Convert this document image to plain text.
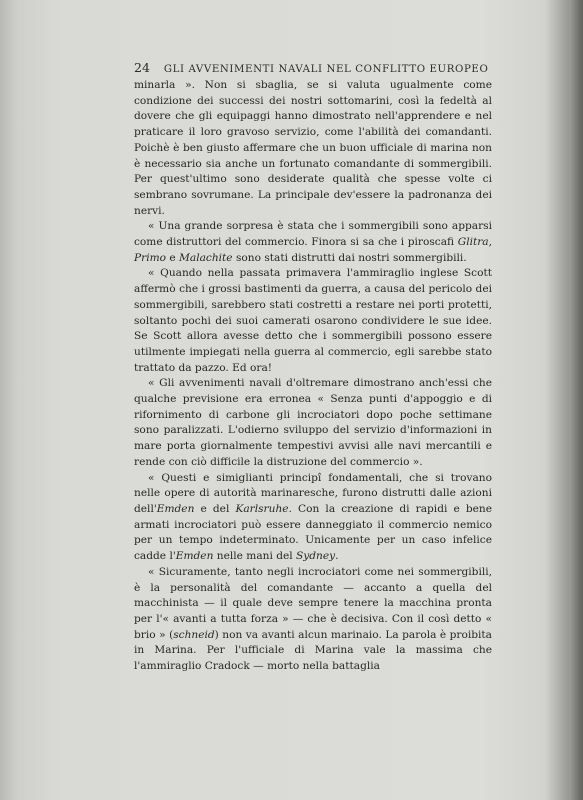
24 GLI AVVENIMENTI NAVALI NEL CONFLITTO EUROPEO

minarla ». Non si sbaglia, se si valuta ugualmente come condizione dei successi dei nostri sottomarini, così la fedeltà al dovere che gli equipaggi hanno dimostrato nell'apprendere e nel praticare il loro gravoso servizio, come l'abilità dei comandanti. Poichè è ben giusto affermare che un buon ufficiale di marina non è necessario sia anche un fortunato comandante di sommergibili. Per quest'ultimo sono desiderate qualità che spesse volte ci sembrano sovrumane. La principale dev'essere la padronanza dei nervi.

« Una grande sorpresa è stata che i sommergibili sono apparsi come distruttori del commercio. Finora si sa che i piroscafi Glitra, Primo e Malachite sono stati distrutti dai nostri sommergibili.

« Quando nella passata primavera l'ammiraglio inglese Scott affermò che i grossi bastimenti da guerra, a causa del pericolo dei sommergibili, sarebbero stati costretti a restare nei porti protetti, soltanto pochi dei suoi camerati osarono condividere le sue idee. Se Scott allora avesse detto che i sommergibili possono essere utilmente impiegati nella guerra al commercio, egli sarebbe stato trattato da pazzo. Ed ora!

« Gli avvenimenti navali d'oltremare dimostrano anch'essi che qualche previsione era erronea « Senza punti d'appoggio e di rifornimento di carbone gli incrociatori dopo poche settimane sono paralizzati. L'odierno sviluppo del servizio d'informazioni in mare porta giornalmente tempestivi avvisi alle navi mercantili e rende con ciò difficile la distruzione del commercio ».

« Questi e simiglianti principî fondamentali, che si trovano nelle opere di autorità marinaresche, furono distrutti dalle azioni dell'Emden e del Karlsruhe. Con la creazione di rapidi e bene armati incrociatori può essere danneggiato il commercio nemico per un tempo indeterminato. Unicamente per un caso infelice cadde l'Emden nelle mani del Sydney.

« Sicuramente, tanto negli incrociatori come nei sommergibili, è la personalità del comandante — accanto a quella del macchinista — il quale deve sempre tenere la macchina pronta per l'« avanti a tutta forza » — che è decisiva. Con il così detto « brio » (schneid) non va avanti alcun marinaio. La parola è proibita in Marina. Per l'ufficiale di Marina vale la massima che l'ammiraglio Cradock — morto nella battaglia
